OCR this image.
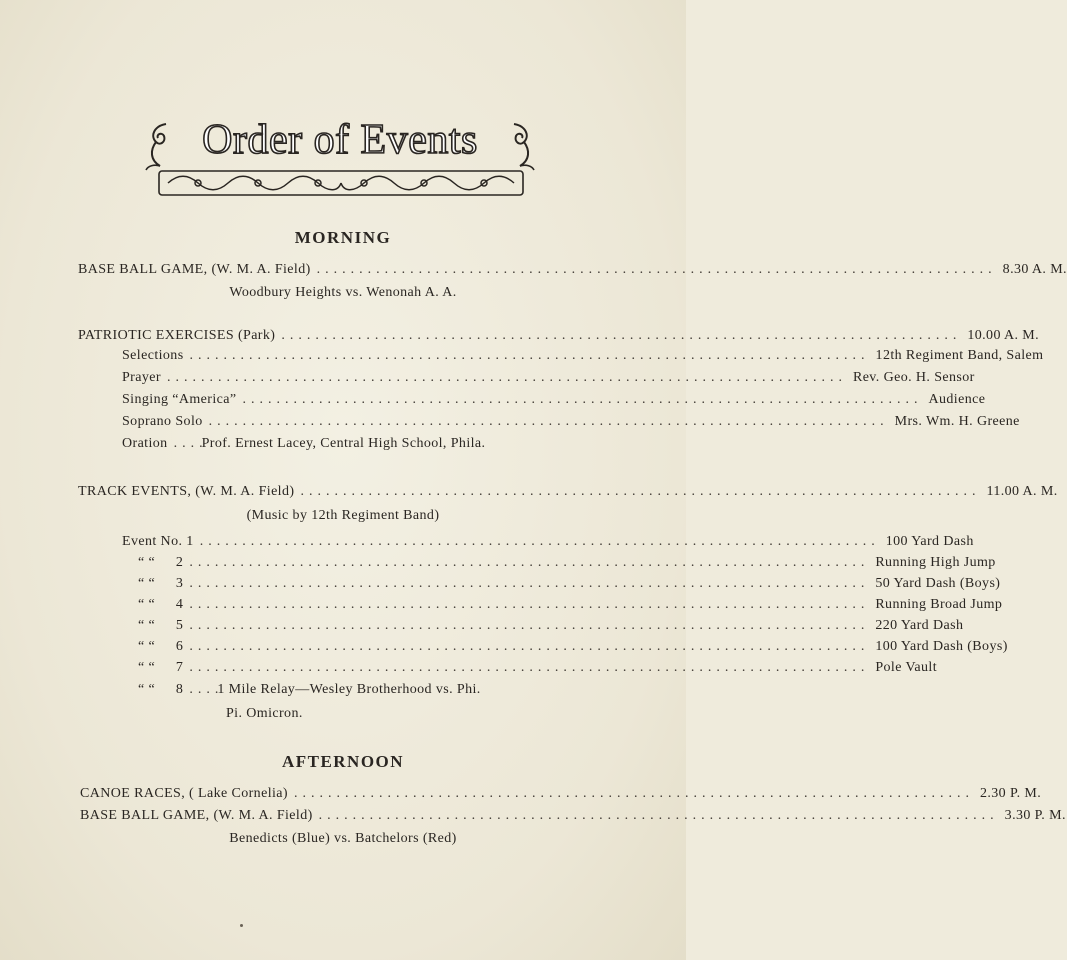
Order of Events
MORNING
BASE BALL GAME, (W. M. A. Field) ................................................................................ 8.30 A. M.
Woodbury Heights vs. Wenonah A. A.
PATRIOTIC EXERCISES (Park) ................................................................................ 10.00 A. M.
Selections ................................................................................ 12th Regiment Band, Salem
Prayer ................................................................................ Rev. Geo. H. Sensor
Singing “America” ................................................................................ Audience
Soprano Solo ................................................................................ Mrs. Wm. H. Greene
Oration ....
Prof. Ernest Lacey, Central High School, Phila.
TRACK EVENTS, (W. M. A. Field) ................................................................................ 11.00 A. M.
(Music by 12th Regiment Band)
Event No. 1 ................................................................................ 100 Yard Dash
“ “ 2 ................................................................................ Running High Jump
“ “ 3 ................................................................................ 50 Yard Dash (Boys)
“ “ 4 ................................................................................ Running Broad Jump
“ “ 5 ................................................................................ 220 Yard Dash
“ “ 6 ................................................................................ 100 Yard Dash (Boys)
“ “ 7 ................................................................................ Pole Vault
“ “ 8 ....
1 Mile Relay—Wesley Brotherhood vs. Phi.
Pi. Omicron.
AFTERNOON
CANOE RACES, ( Lake Cornelia) ................................................................................ 2.30 P. M.
BASE BALL GAME, (W. M. A. Field) ................................................................................ 3.30 P. M.
Benedicts (Blue) vs. Batchelors (Red)
